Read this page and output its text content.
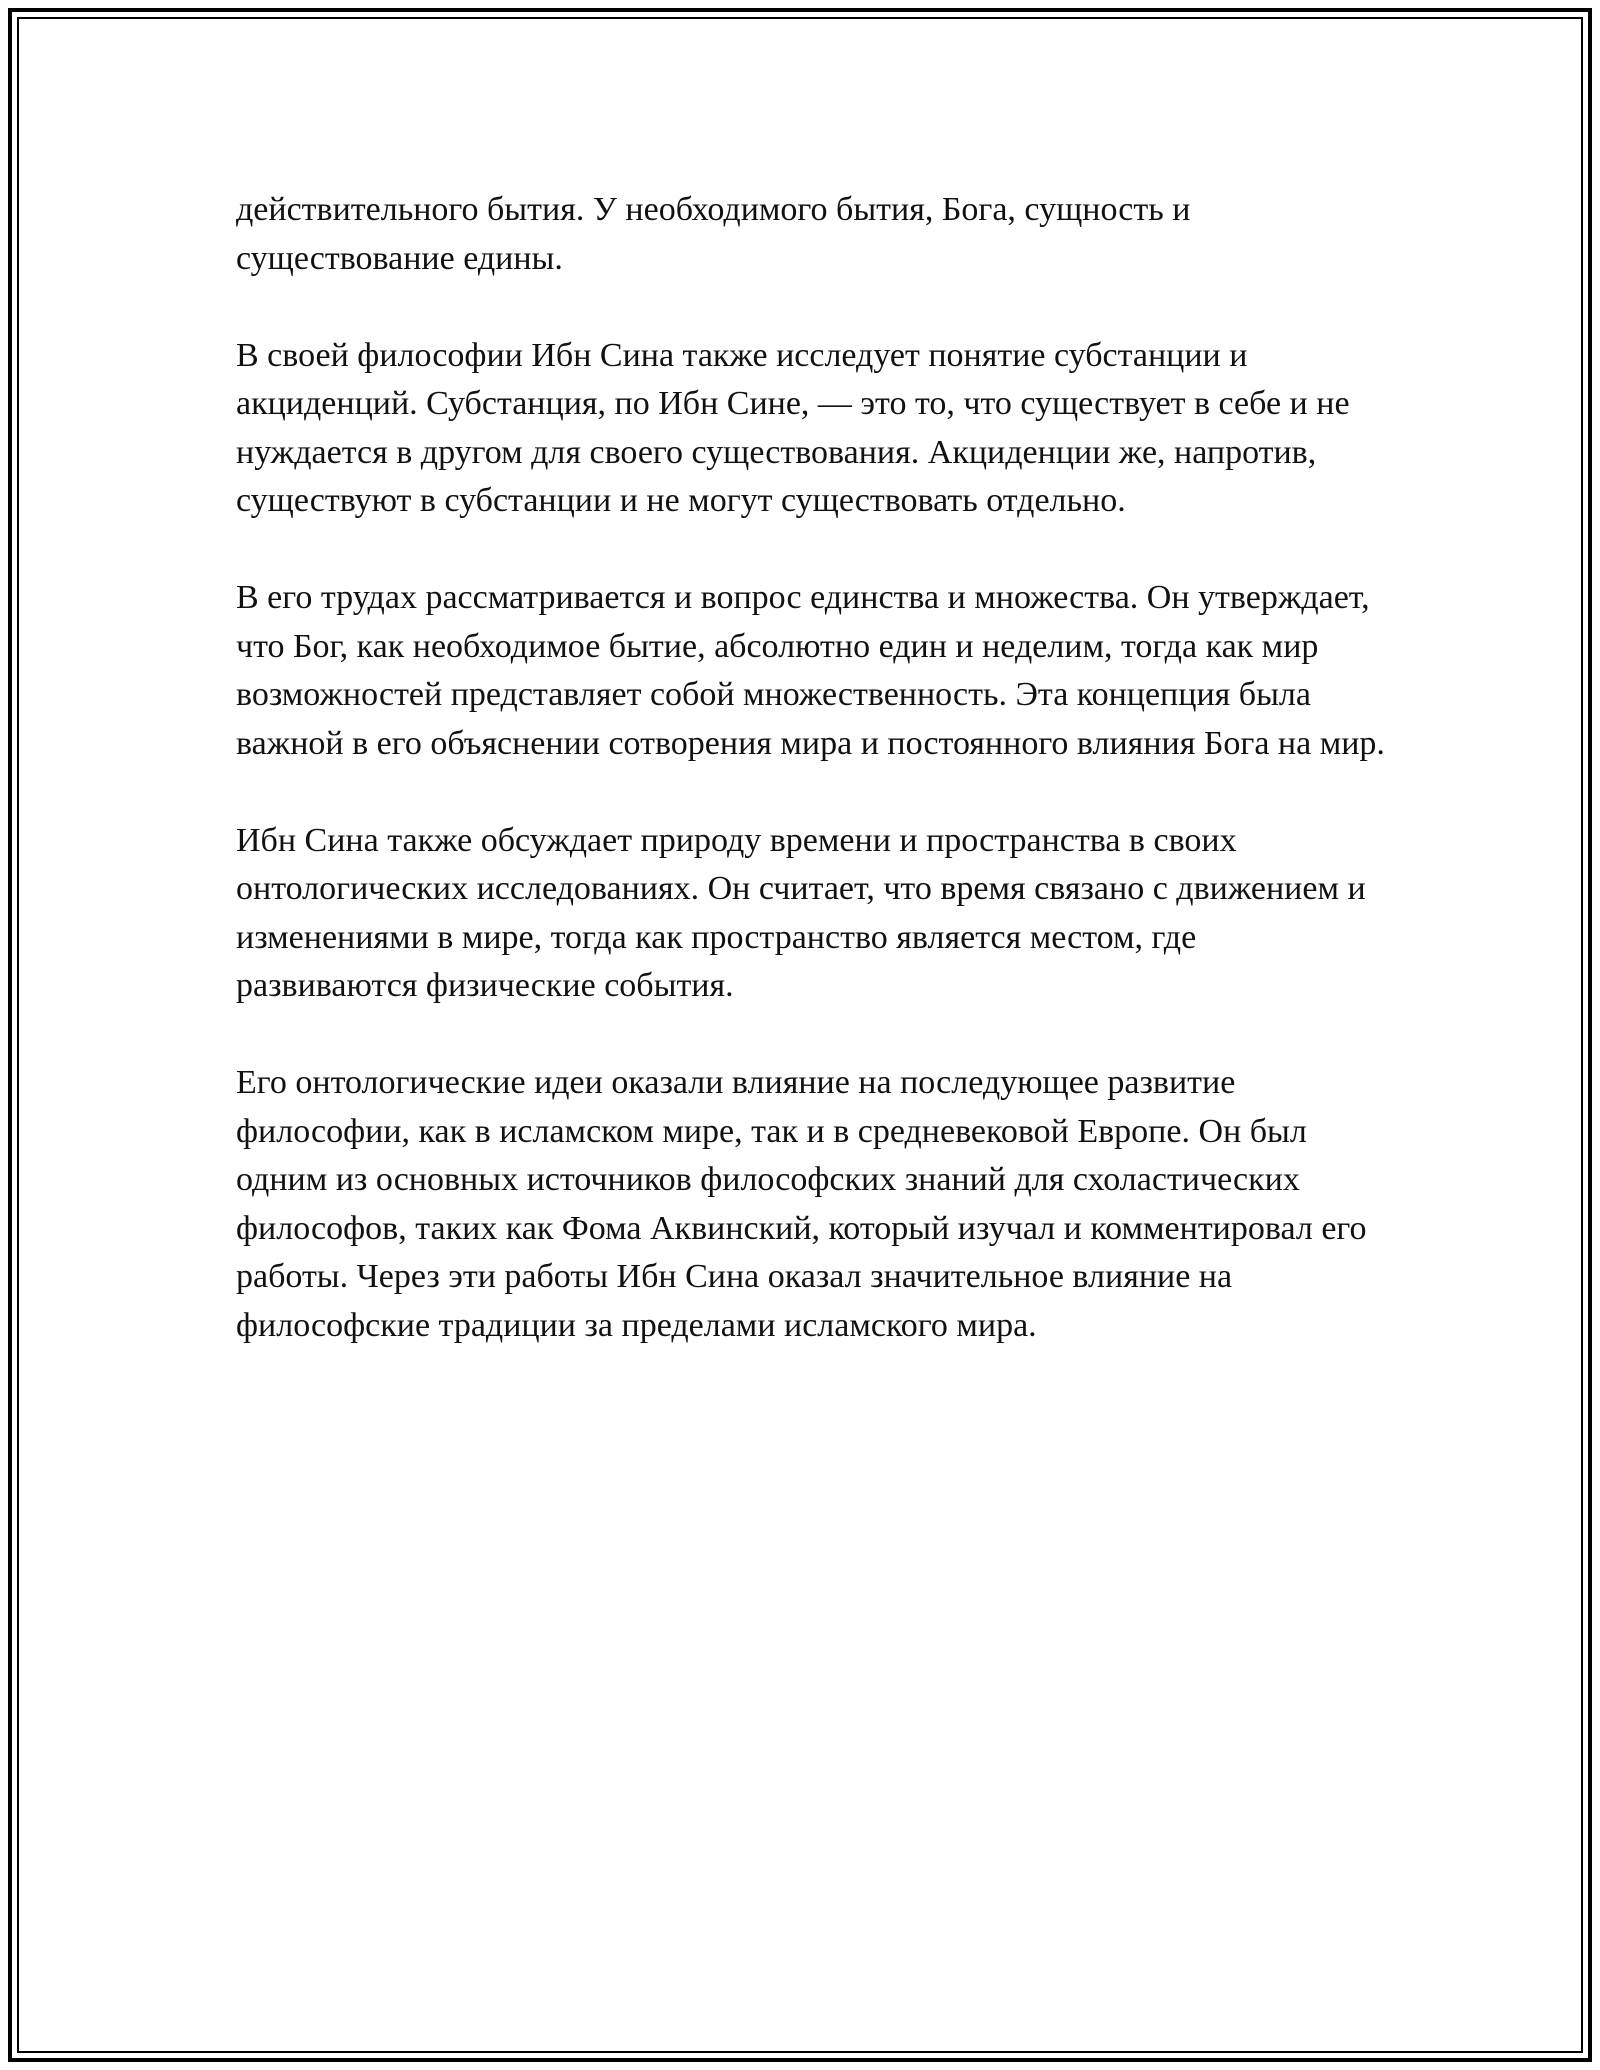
действительного бытия. У необходимого бытия, Бога, сущность и существование едины.

В своей философии Ибн Сина также исследует понятие субстанции и акциденций. Субстанция, по Ибн Сине, — это то, что существует в себе и не нуждается в другом для своего существования. Акциденции же, напротив, существуют в субстанции и не могут существовать отдельно.

В его трудах рассматривается и вопрос единства и множества. Он утверждает, что Бог, как необходимое бытие, абсолютно един и неделим, тогда как мир возможностей представляет собой множественность. Эта концепция была важной в его объяснении сотворения мира и постоянного влияния Бога на мир.

Ибн Сина также обсуждает природу времени и пространства в своих онтологических исследованиях. Он считает, что время связано с движением и изменениями в мире, тогда как пространство является местом, где развиваются физические события.

Его онтологические идеи оказали влияние на последующее развитие философии, как в исламском мире, так и в средневековой Европе. Он был одним из основных источников философских знаний для схоластических философов, таких как Фома Аквинский, который изучал и комментировал его работы. Через эти работы Ибн Сина оказал значительное влияние на философские традиции за пределами исламского мира.
